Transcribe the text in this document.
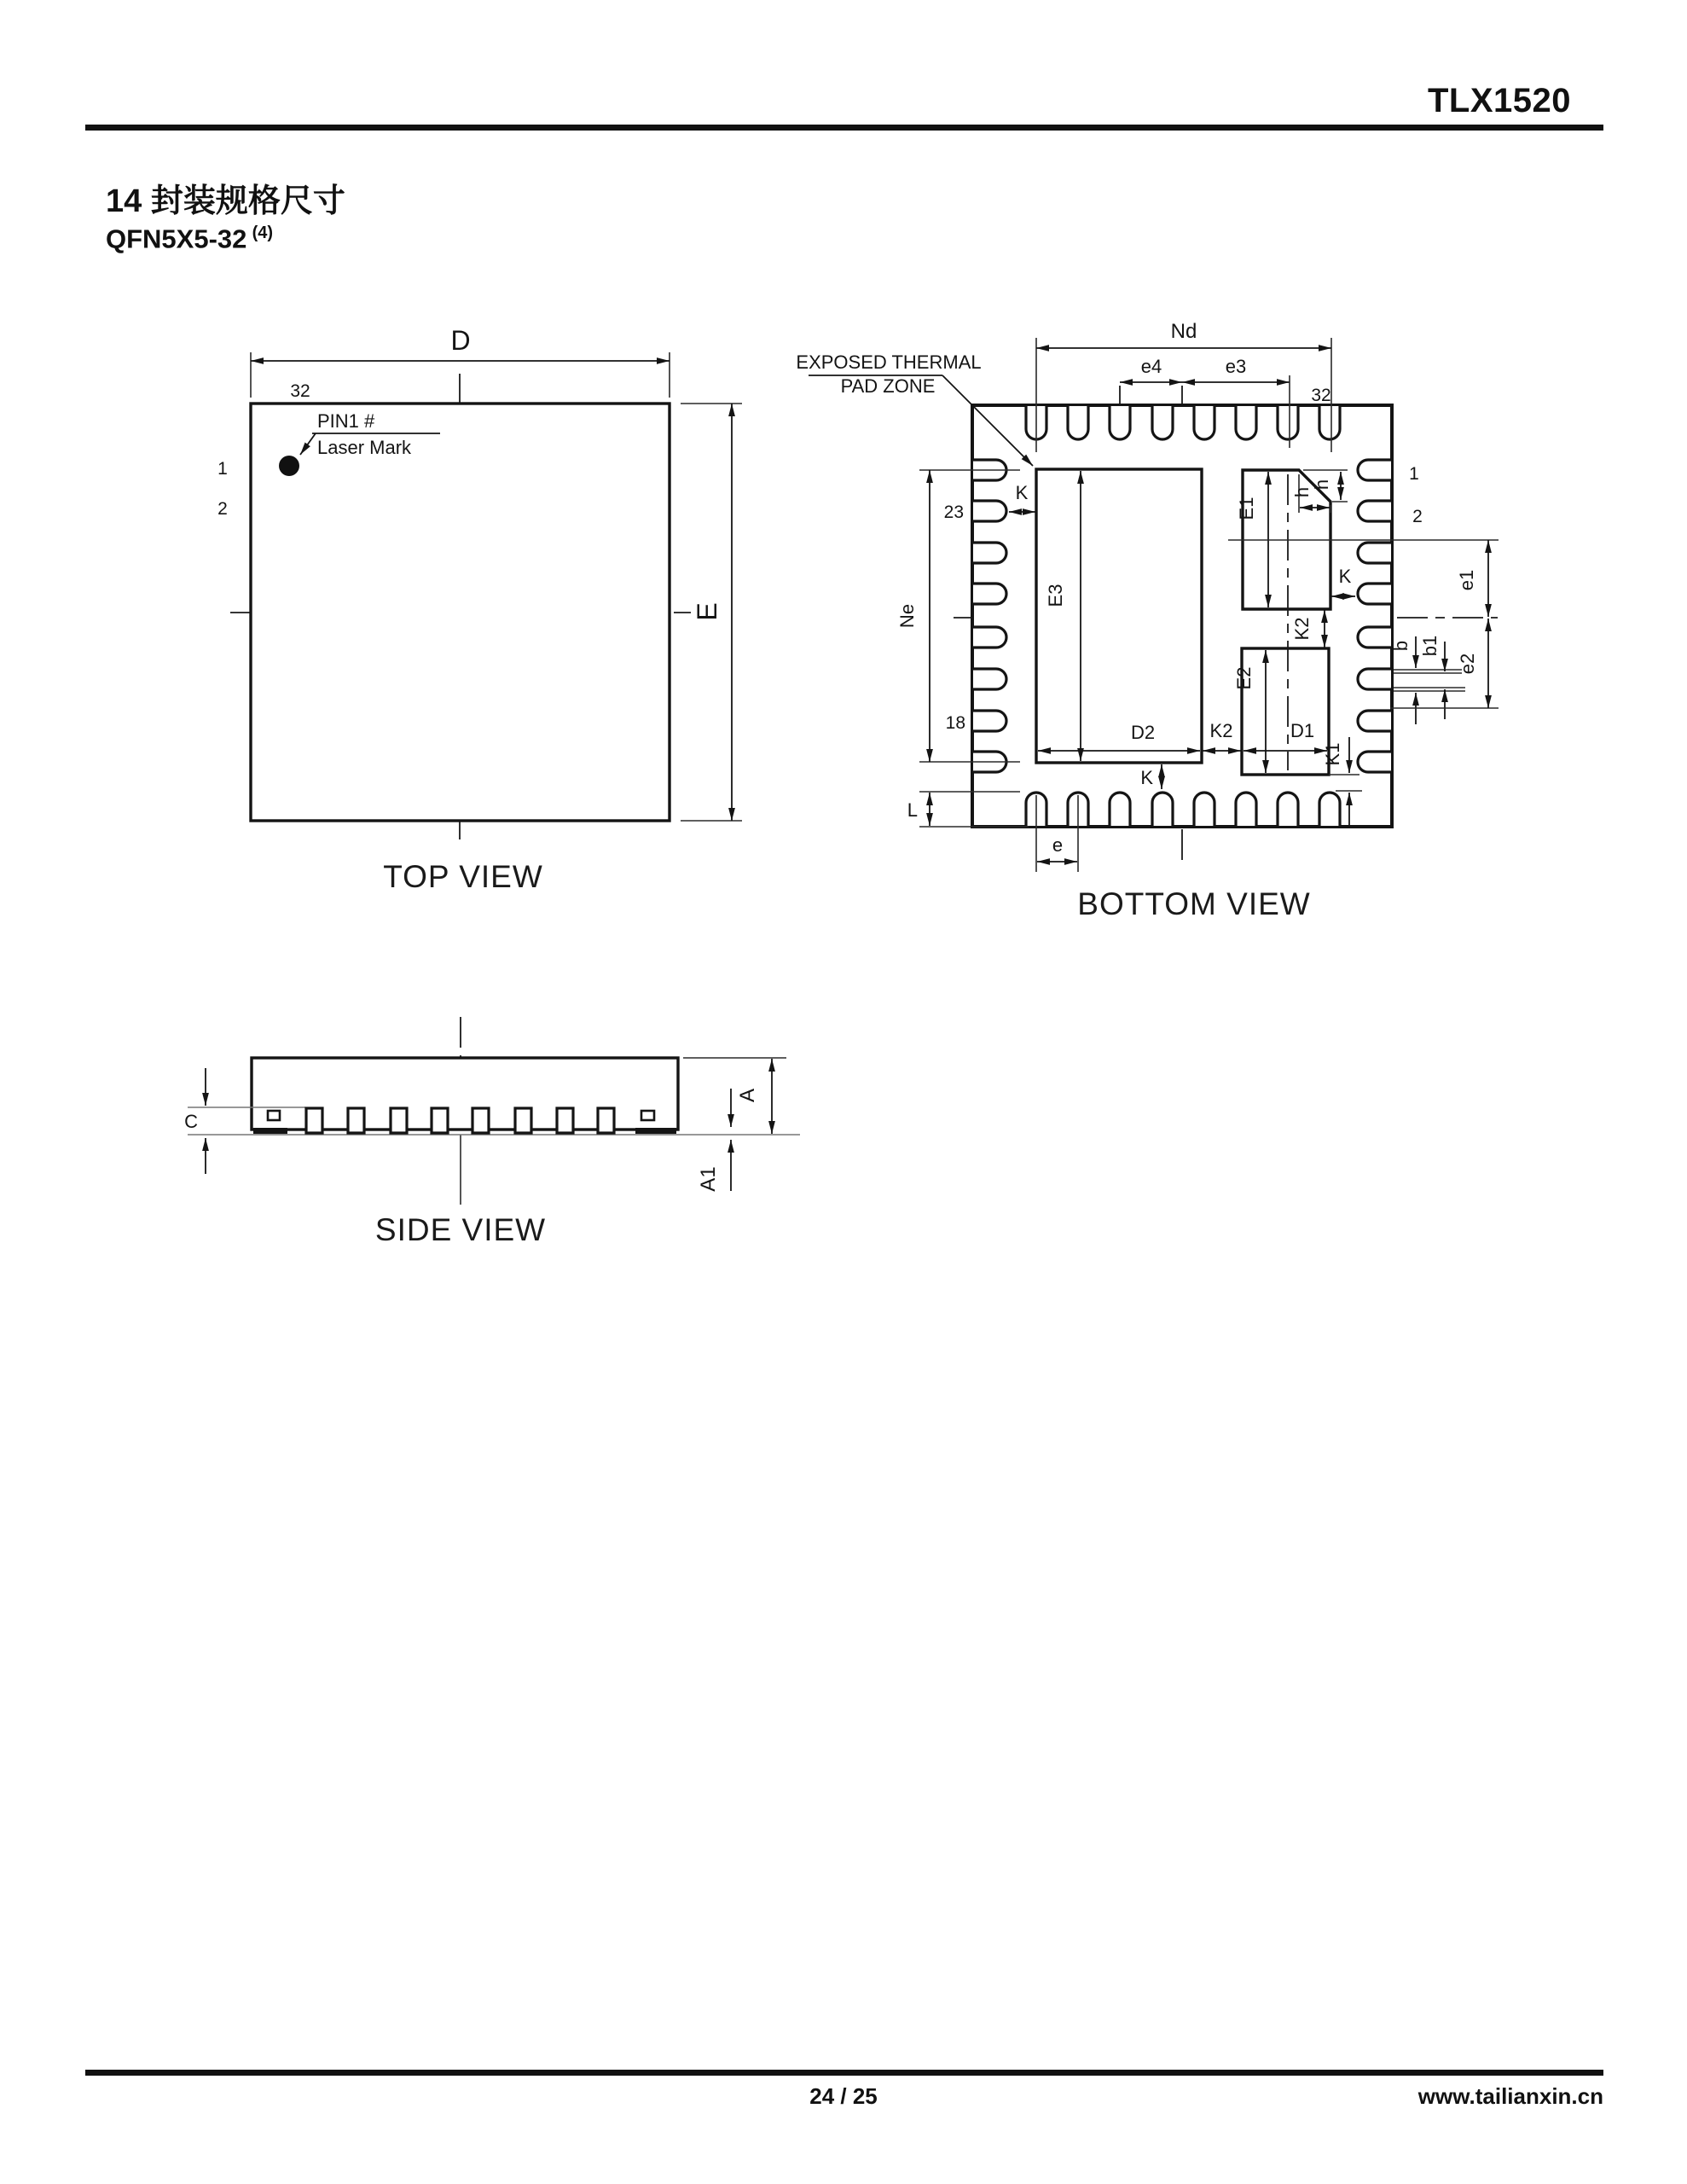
TLX1520
14 封装规格尺寸
QFN5X5-32  $^{(4)}$
D
E
32
1
2
PIN1 #
Laser Mark
TOP VIEW
EXPOSED THERMAL
PAD ZONE
Nd
e4	e3
32
1
2
23
18
Ne
K
E3
D2	K2	D1
E1
E2
K2
K
K
h
h
K1
b b1
e1
e2
L
e
BOTTOM VIEW
C
A
A1
SIDE VIEW
24 / 25	www.tailianxin.cn
